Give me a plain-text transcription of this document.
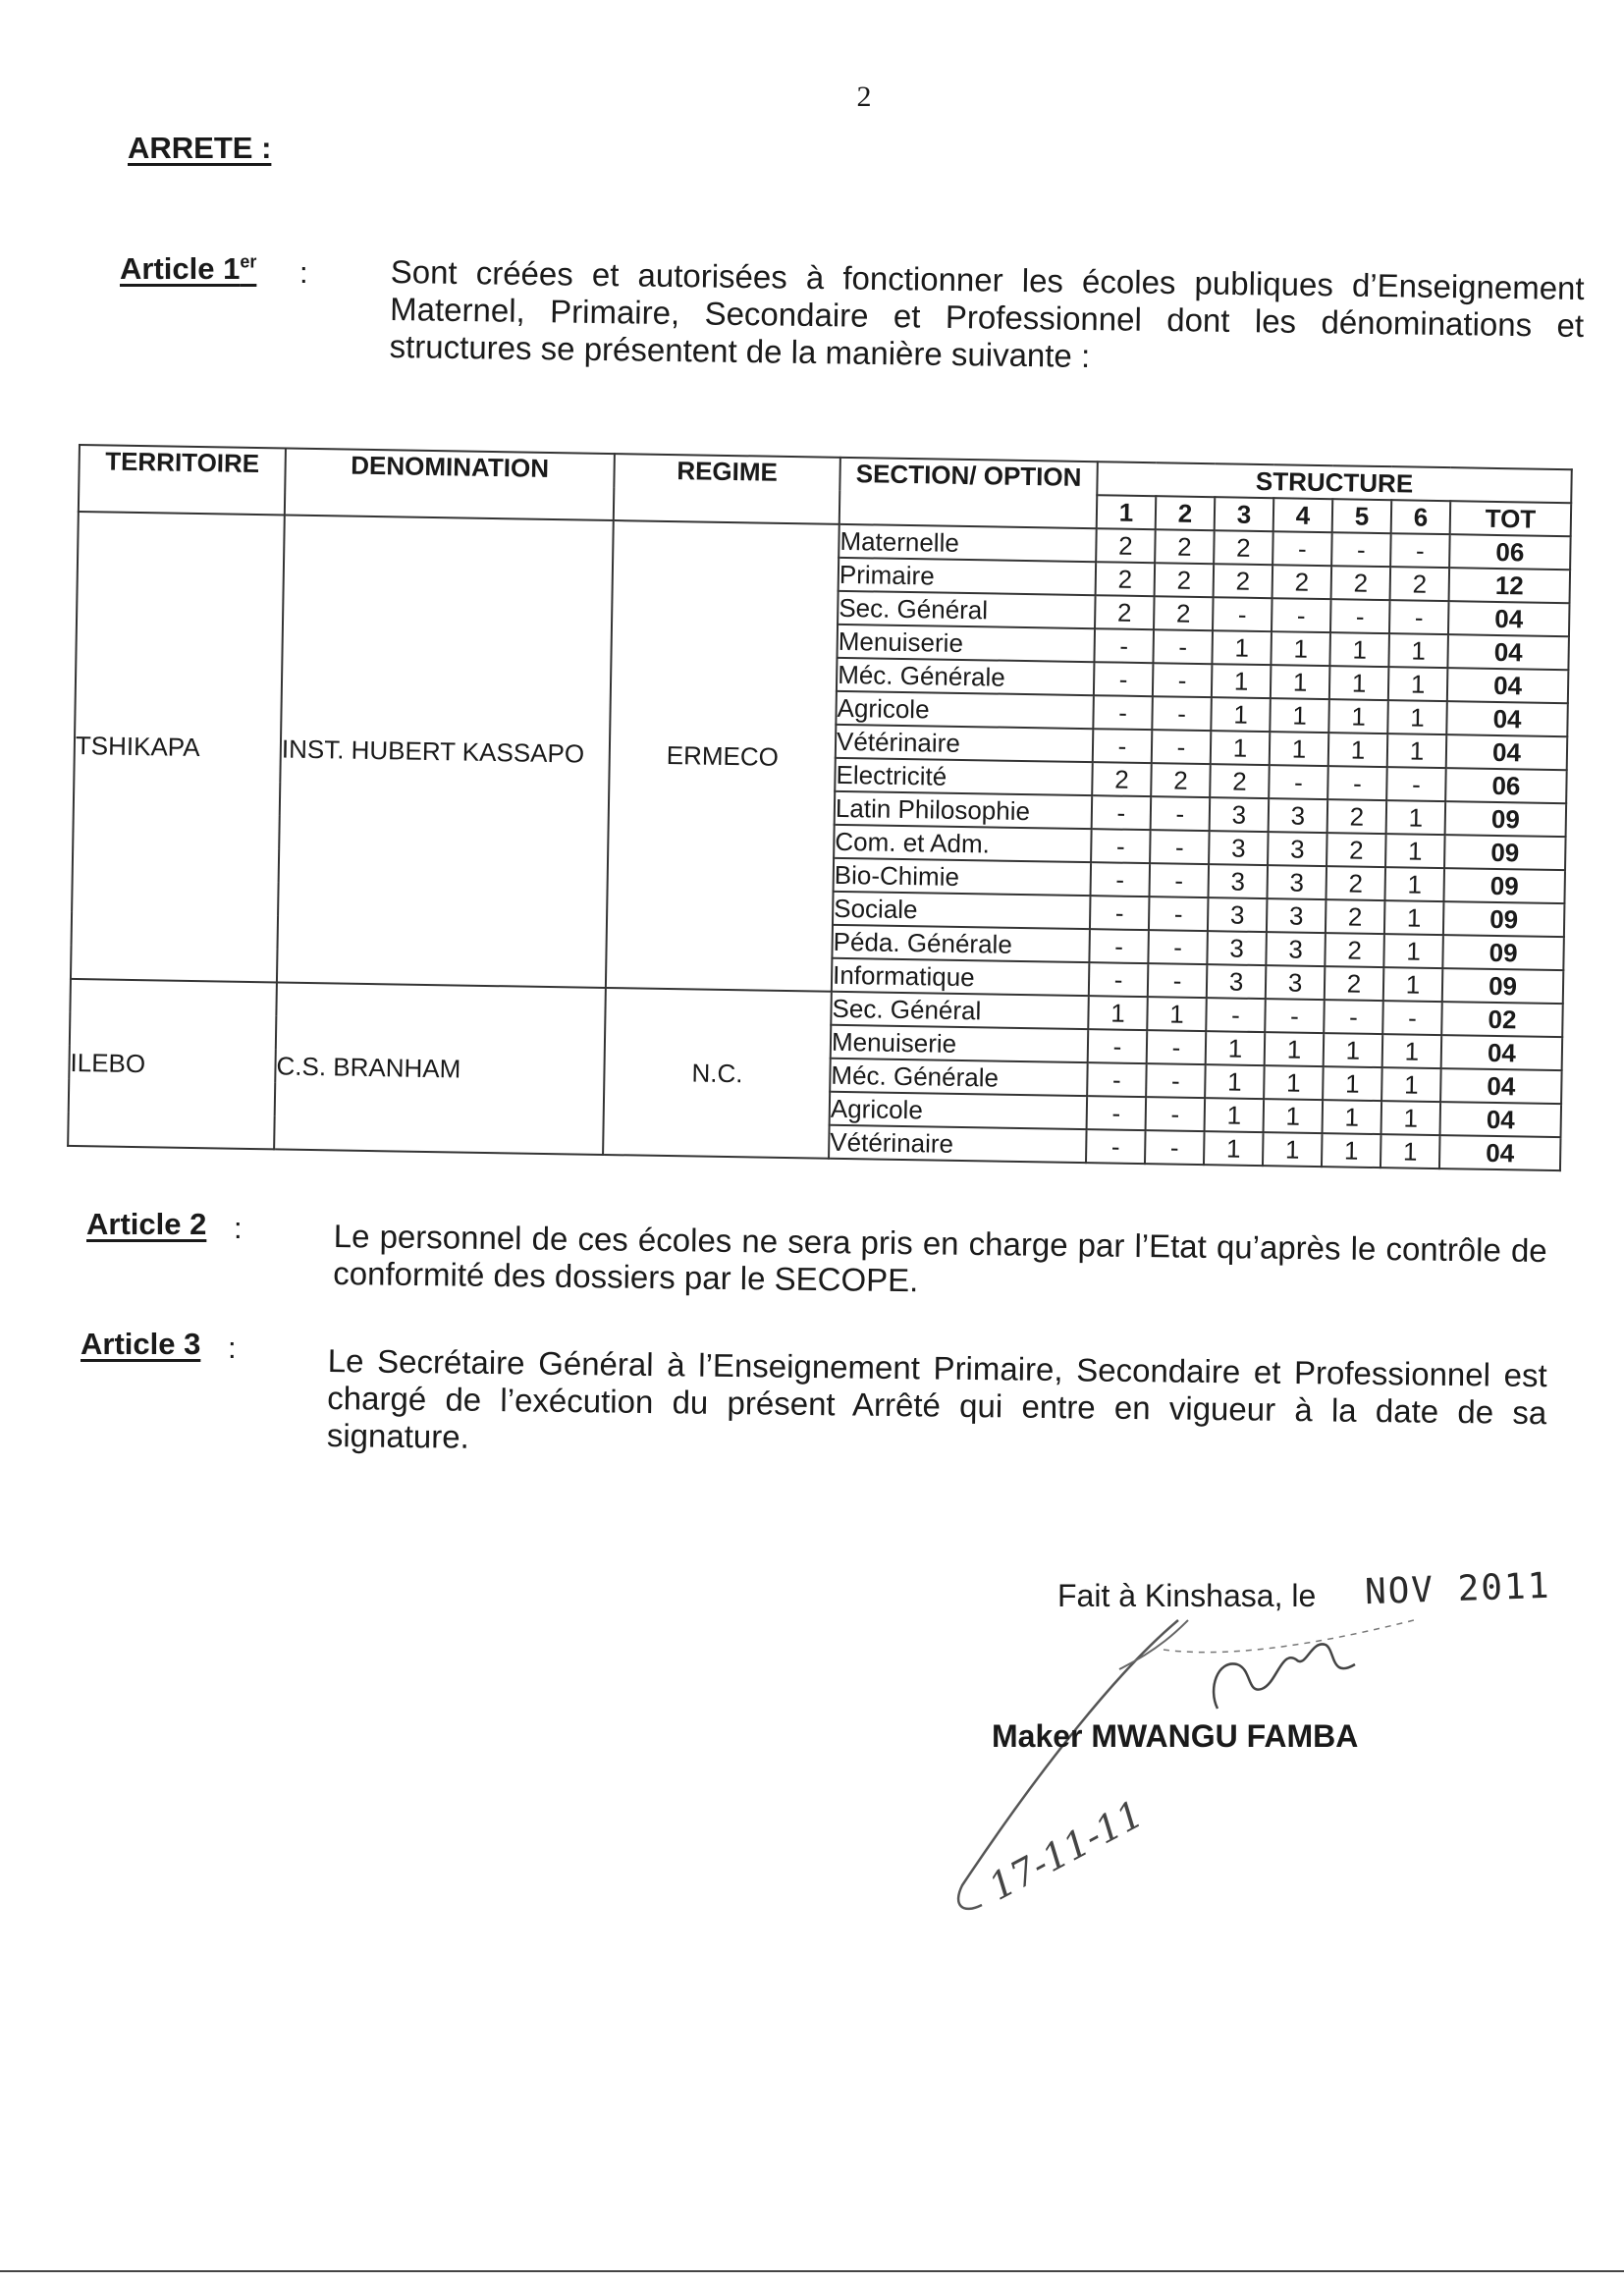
2
ARRETE :
Article 1er :	Sont créées et autorisées à fonctionner les écoles publiques d’Enseignement Maternel, Primaire, Secondaire et Professionnel dont les dénominations et structures se présentent de la manière suivante :
TERRITOIRE	DENOMINATION	REGIME	SECTION/ OPTION	STRUCTURE						
				1	2	3	4	5	6	TOT
TSHIKAPA	INST. HUBERT KASSAPO	ERMECO	Maternelle	2	2	2	-	-	-	06
			Primaire	2	2	2	2	2	2	12
			Sec. Général	2	2	-	-	-	-	04
			Menuiserie	-	-	1	1	1	1	04
			Méc. Générale	-	-	1	1	1	1	04
			Agricole	-	-	1	1	1	1	04
			Vétérinaire	-	-	1	1	1	1	04
			Electricité	2	2	2	-	-	-	06
			Latin Philosophie	-	-	3	3	2	1	09
			Com. et Adm.	-	-	3	3	2	1	09
			Bio-Chimie	-	-	3	3	2	1	09
			Sociale	-	-	3	3	2	1	09
			Péda. Générale	-	-	3	3	2	1	09
			Informatique	-	-	3	3	2	1	09
ILEBO	C.S. BRANHAM	N.C.	Sec. Général	1	1	-	-	-	-	02
			Menuiserie	-	-	1	1	1	1	04
			Méc. Générale	-	-	1	1	1	1	04
			Agricole	-	-	1	1	1	1	04
			Vétérinaire	-	-	1	1	1	1	04
Article 2 :	Le personnel de ces écoles ne sera pris en charge par l’Etat qu’après le contrôle de conformité des dossiers par le SECOPE.
Article 3 :	Le Secrétaire Général à l’Enseignement Primaire, Secondaire et Professionnel est chargé de l’exécution du présent Arrêté qui entre en vigueur à la date de sa signature.
Fait à Kinshasa, le NOV 2011
Maker MWANGU FAMBA
17-11-11
